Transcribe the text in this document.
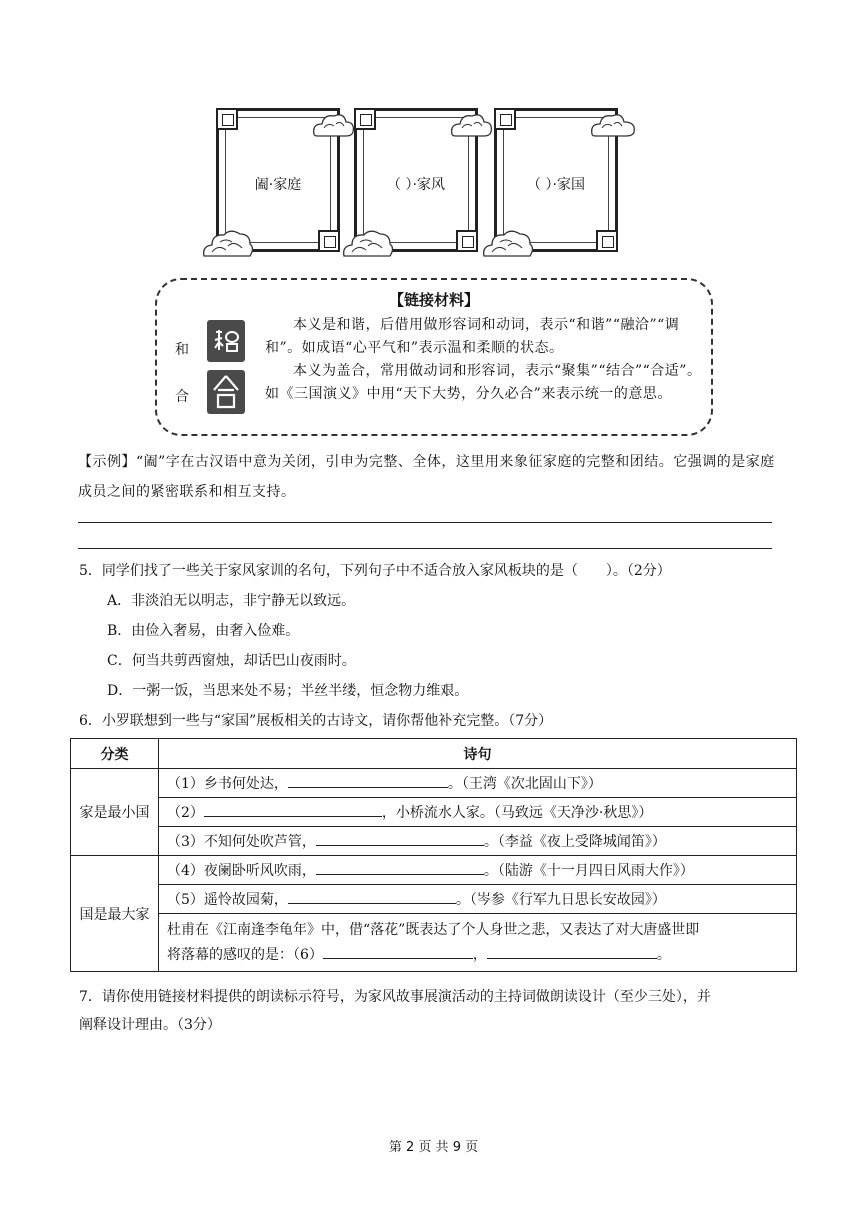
阖·家庭	（ ）·家风	（ ）·家国
【链接材料】
和
本义是和谐，后借用做形容词和动词，表示“和谐”“融洽”“调和”。如成语“心平气和”表示温和柔顺的状态。
合
本义为盖合，常用做动词和形容词，表示“聚集”“结合”“合适”。如《三国演义》中用“天下大势，分久必合”来表示统一的意思。
【示例】“阖”字在古汉语中意为关闭，引申为完整、全体，这里用来象征家庭的完整和团结。它强调的是家庭成员之间的紧密联系和相互支持。
5．同学们找了一些关于家风家训的名句，下列句子中不适合放入家风板块的是（　　）。（2分）
A．非淡泊无以明志，非宁静无以致远。
B．由俭入奢易，由奢入俭难。
C．何当共剪西窗烛，却话巴山夜雨时。
D．一粥一饭，当思来处不易；半丝半缕，恒念物力维艰。
6．小罗联想到一些与“家国”展板相关的古诗文，请你帮他补充完整。（7分）
分类	诗句
家是最小国	（1）乡书何处达， 。（王湾《次北固山下》）
	（2） ，小桥流水人家。（马致远《天净沙·秋思》）
	（3）不知何处吹芦管， 。（李益《夜上受降城闻笛》）
国是最大家	（4）夜阑卧听风吹雨， 。（陆游《十一月四日风雨大作》）
	（5）遥怜故园菊， 。（岑参《行军九日思长安故园》）

	杜甫在《江南逢李龟年》中，借“落花”既表达了个人身世之悲，又表达了对大唐盛世即
将落幕的感叹的是：（6） ， 。
7．请你使用链接材料提供的朗读标示符号，为家风故事展演活动的主持词做朗读设计（至少三处），并
阐释设计理由。（3分）
第 2 页 共 9 页
